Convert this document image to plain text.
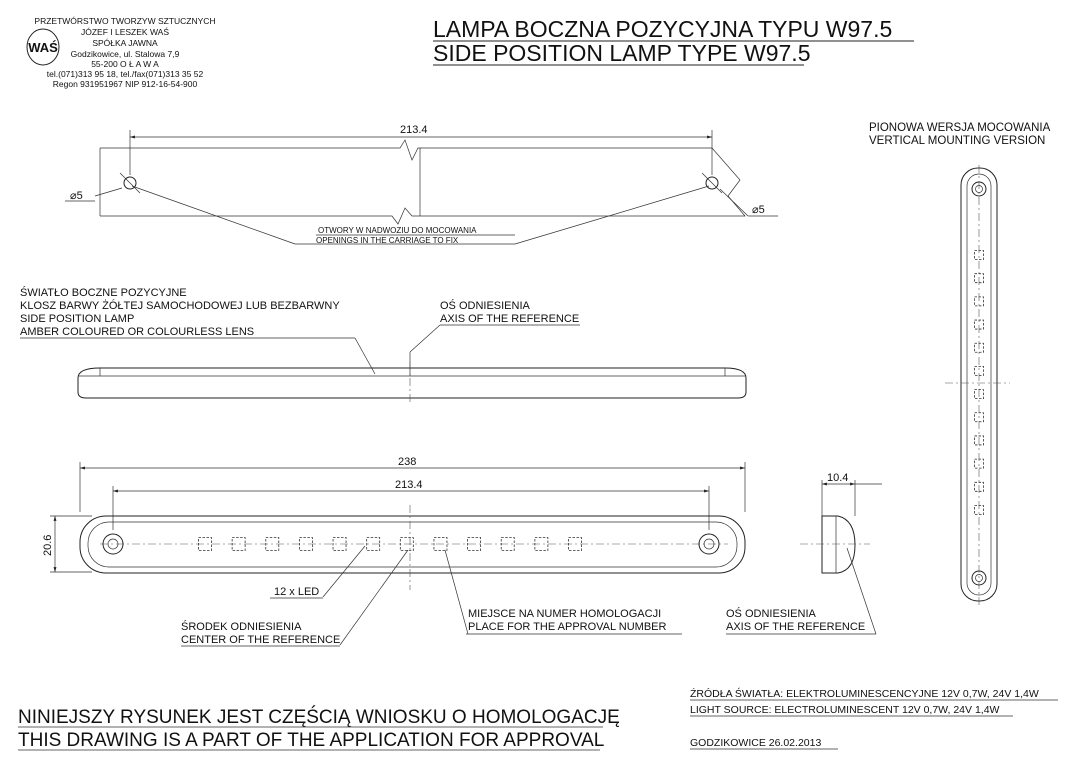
WAŚ
PRZETWÓRSTWO TWORZYW SZTUCZNYCH
JÓZEF I LESZEK WAŚ
SPÓŁKA JAWNA
Godzikowice, ul. Stalowa 7,9
55-200 O Ł A W A
tel.(071)313 95 18, tel./fax(071)313 35 52
Regon 931951967 NIP 912-16-54-900
LAMPA BOCZNA POZYCYJNA TYPU W97.5
SIDE POSITION LAMP TYPE W97.5
PIONOWA WERSJA MOCOWANIA
VERTICAL MOUNTING VERSION
213.4
⌀5
⌀5
OTWORY W NADWOZIU DO MOCOWANIA
OPENINGS IN THE CARRIAGE TO FIX
ŚWIATŁO BOCZNE POZYCYJNE
KLOSZ BARWY ŻÓŁTEJ SAMOCHODOWEJ LUB BEZBARWNY
SIDE POSITION LAMP
AMBER COLOURED OR COLOURLESS LENS
OŚ ODNIESIENIA
AXIS OF THE REFERENCE
238
213.4
20.6
12 x LED
ŚRODEK ODNIESIENIA
CENTER OF THE REFERENCE
MIEJSCE NA NUMER HOMOLOGACJI
PLACE FOR THE APPROVAL NUMBER
10.4
OŚ ODNIESIENIA
AXIS OF THE REFERENCE
ŹRÓDŁA ŚWIATŁA: ELEKTROLUMINESCENCYJNE 12V 0,7W, 24V 1,4W
LIGHT SOURCE: ELECTROLUMINESCENT 12V 0,7W, 24V 1,4W
NINIEJSZY RYSUNEK JEST CZĘŚCIĄ WNIOSKU O HOMOLOGACJĘ
THIS DRAWING IS A PART OF THE APPLICATION FOR APPROVAL	GODZIKOWICE 26.02.2013
